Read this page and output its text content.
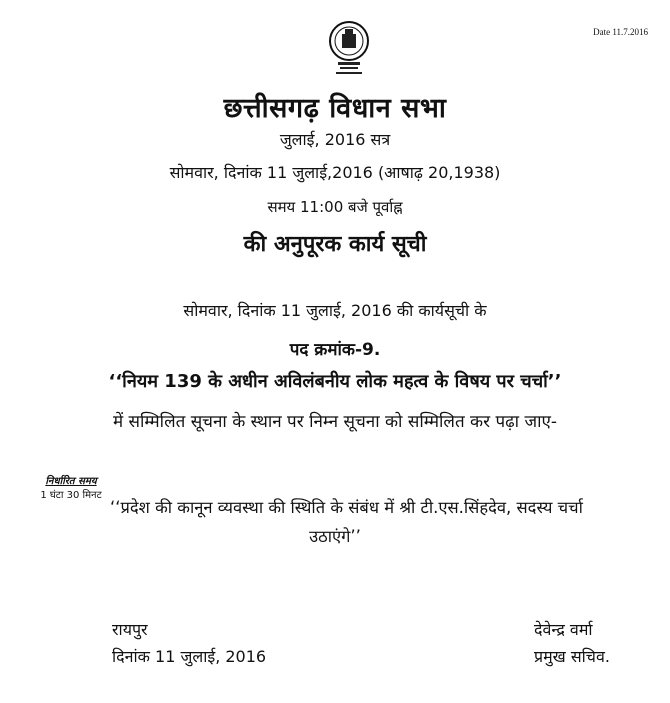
Date 11.7.2016
छत्तीसगढ़ विधान सभा
जुलाई, 2016 सत्र
सोमवार, दिनांक 11 जुलाई,2016 (आषाढ़ 20,1938)
समय 11:00 बजे पूर्वाह्न
की अनुपूरक कार्य सूची
सोमवार, दिनांक 11 जुलाई, 2016 की कार्यसूची के
पद क्रमांक-9.
‘‘नियम 139 के अधीन अविलंबनीय लोक महत्व के विषय पर चर्चा’’
में सम्मिलित सूचना के स्थान पर निम्न सूचना को सम्मिलित कर पढ़ा जाए-
निर्धारित समय
1 घंटा 30 मिनट
‘‘प्रदेश की कानून व्यवस्था की स्थिति के संबंध में श्री टी.एस.सिंहदेव, सदस्य चर्चा
उठाएंगे’’
रायपुर
दिनांक 11 जुलाई, 2016
देवेन्द्र वर्मा
प्रमुख सचिव.
